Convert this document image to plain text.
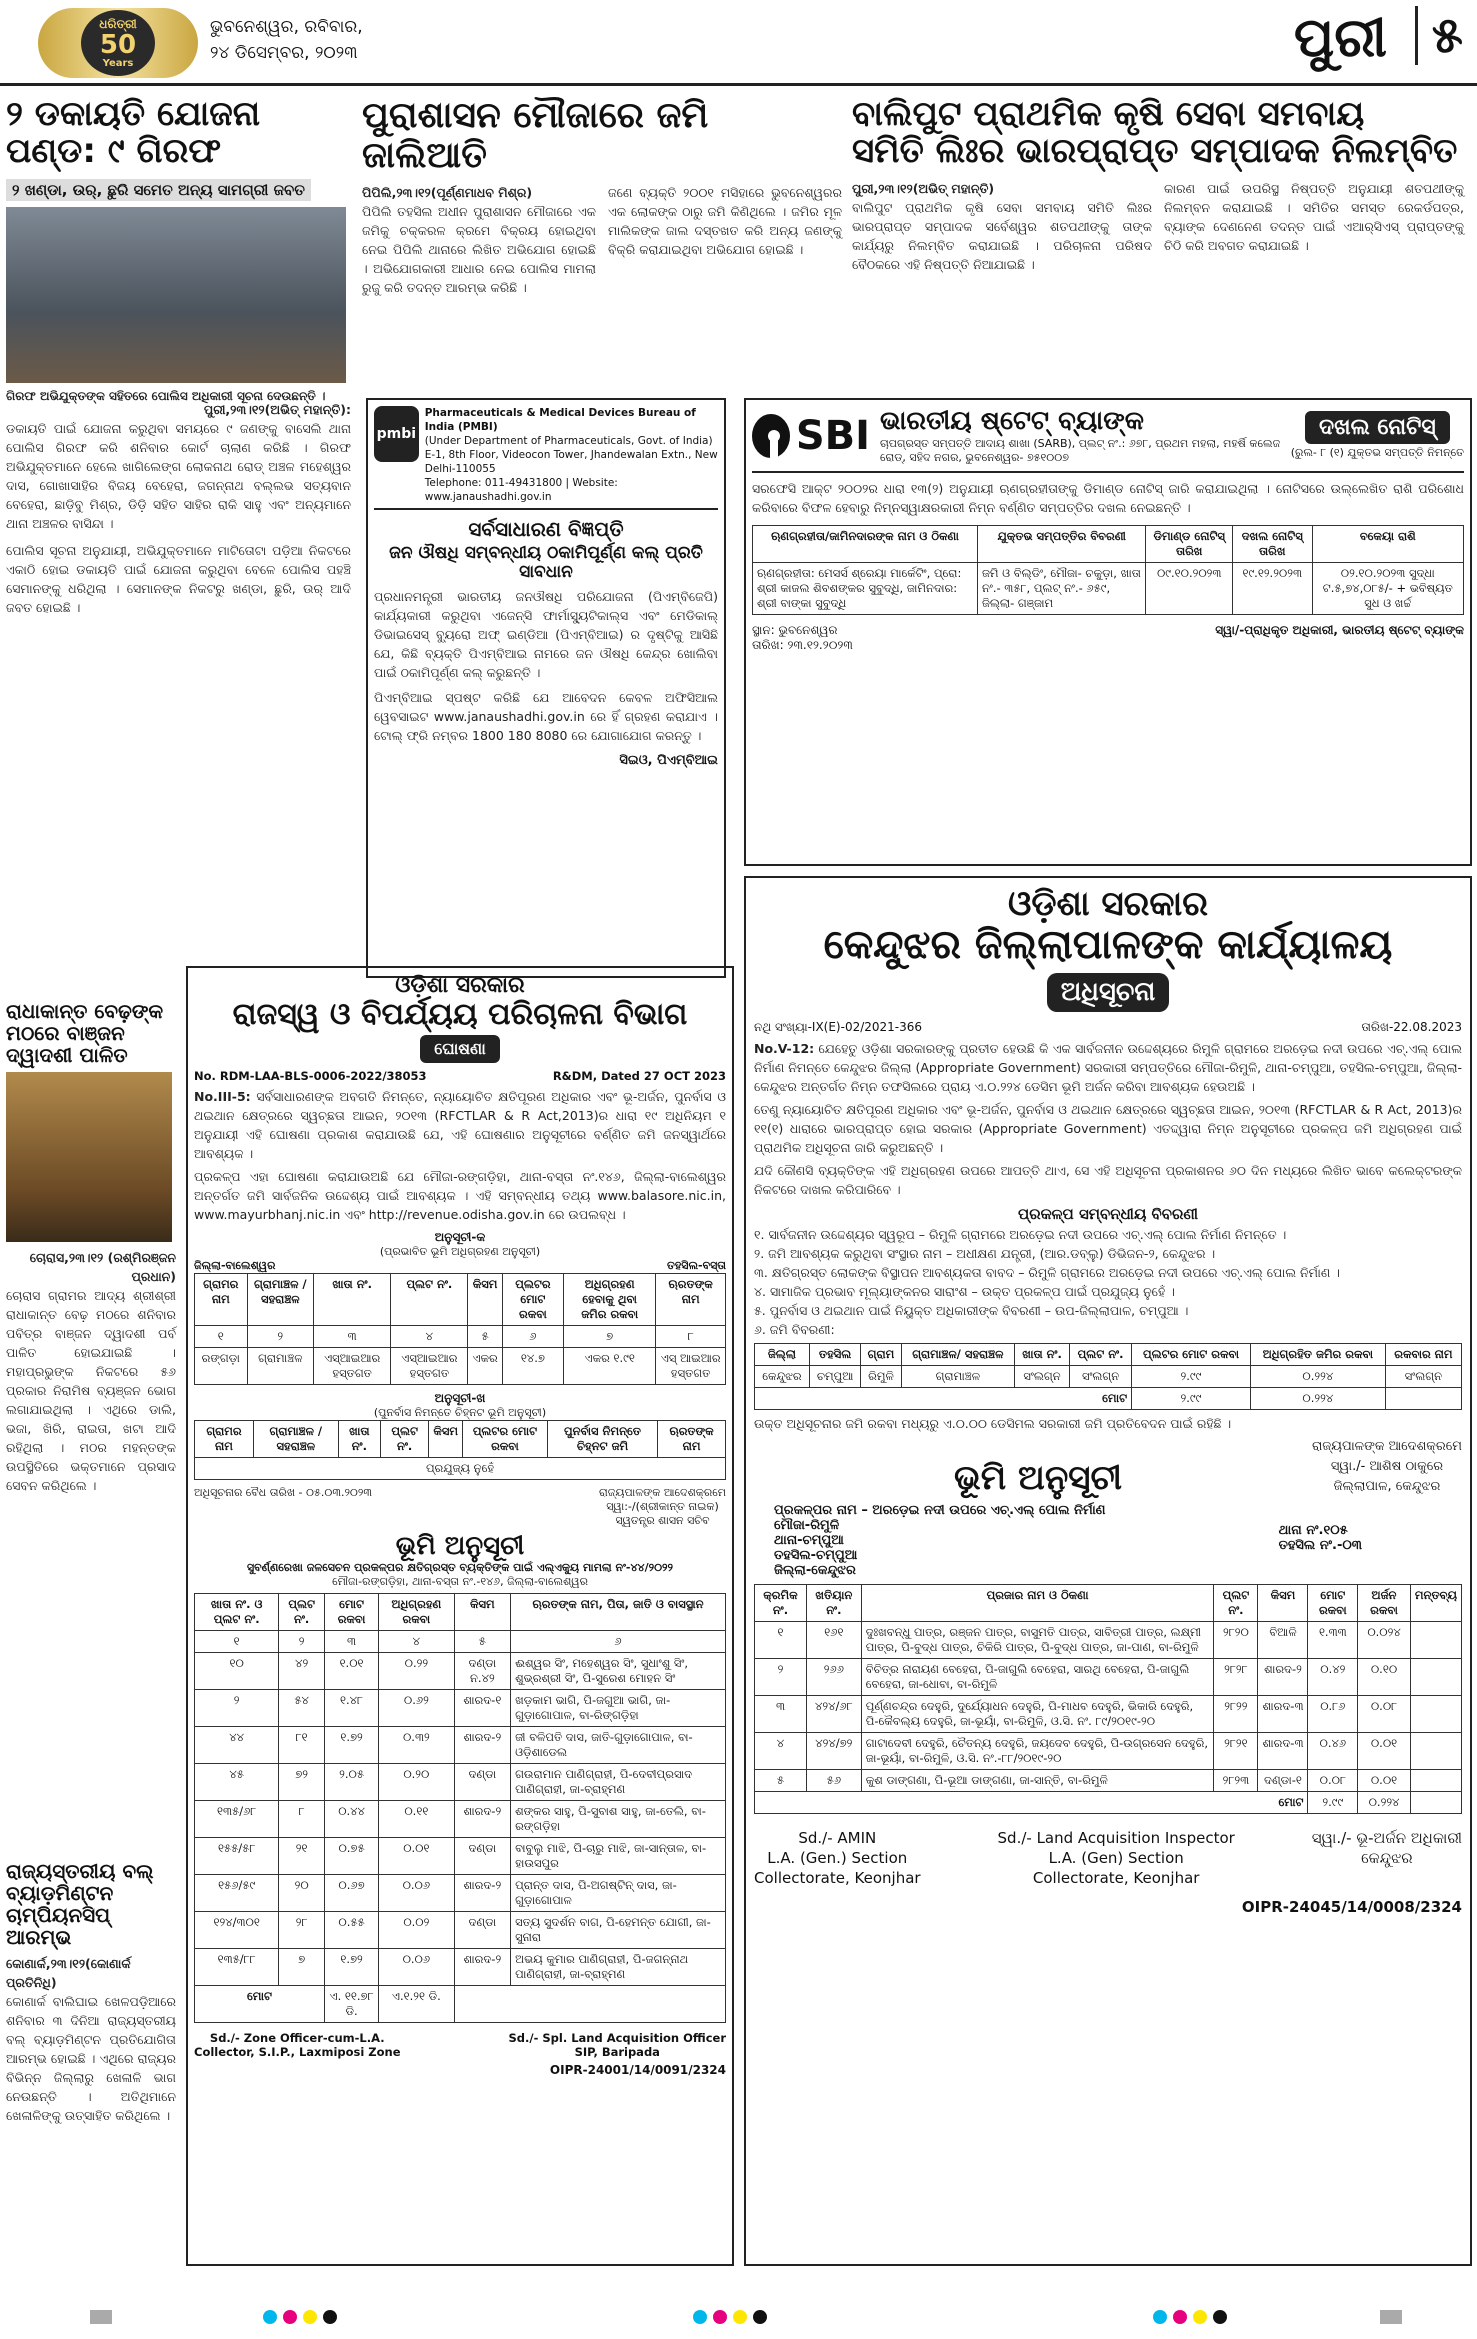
ଧରିତ୍ରୀ
50
Years
ଭୁବନେଶ୍ୱର, ରବିବାର,
୨୪ ଡିସେମ୍ବର, ୨୦୨୩	ପୁରୀ ୫
୨ ଡକାୟତି ଯୋଜନା ପଣ୍ଡ: ୯ ଗିରଫ
୨ ଖଣ୍ଡା, ଉର୍, ଛୁରି ସମେତ ଅନ୍ୟ ସାମଗ୍ରୀ ଜବତ
ଗିରଫ ଅଭିଯୁକ୍ତଙ୍କ ସହିତରେ ପୋଲିସ ଅଧିକାରୀ ସୂଚନା ଦେଉଛନ୍ତି ।
ପୁରୀ,୨୩।୧୨(ଅଭିତ୍ ମହାନ୍ତି):

ଡକାୟତି ପାଇଁ ଯୋଜନା କରୁଥିବା ସମୟରେ ୯ ଜଣଙ୍କୁ ବାସେଲି ଥାନା ପୋଲିସ ଗିରଫ କରି ଶନିବାର କୋର୍ଟ ଚାଲାଣ କରିଛି । ଗିରଫ ଅଭିଯୁକ୍ତମାନେ ହେଲେ ଖାଗିଲେଙ୍ଗ ଲୋକନାଥ ରୋଡ୍ ଅଞ୍ଚଳ ମହେଶ୍ୱର ଦାସ, ଗୋଖାସାହିର ବିଜୟ ବେହେରା, ଜଗନ୍ନାଥ ବଲ୍ଲଭ ସତ୍ୟବାନ ବେହେରା, ଛାଡ଼ିବୁ ମିଶ୍ର, ଡିଡ଼ି ସହିତ ସାହିର ରାକି ସାହୁ ଏବଂ ଅନ୍ୟମାନେ ଥାନା ଅଞ୍ଚଳର ବାସିନ୍ଦା ।

ପୋଲିସ ସୂଚନା ଅନୁଯାୟୀ, ଅଭିଯୁକ୍ତମାନେ ମାଟିତୋଟା ପଡ଼ିଆ ନିକଟରେ ଏକାଠି ହୋଇ ଡକାୟତି ପାଇଁ ଯୋଜନା କରୁଥିବା ବେଳେ ପୋଲିସ ପହଞ୍ଚି ସେମାନଙ୍କୁ ଧରିଥିଲା । ସେମାନଙ୍କ ନିକଟରୁ ଖଣ୍ଡା, ଛୁରି, ଉର୍ ଆଦି ଜବତ ହୋଇଛି ।

ପୁରାଶାସନ ମୌଜାରେ ଜମି ଜାଲିଆତି
ପିପିଲି,୨୩।୧୨(ପୂର୍ଣ୍ଣମାଧବ ମିଶ୍ର)

ପିପିଲି ତହସିଲ ଅଧୀନ ପୁରାଶାସନ ମୌଜାରେ ଏକ ଜମିକୁ ଚକ୍କରଳ କ୍ରମେ ବିକ୍ରୟ ହୋଇଥିବା ନେଇ ପିପିଲି ଥାନାରେ ଲିଖିତ ଅଭିଯୋଗ ହୋଇଛି । ଅଭିଯୋଗକାରୀ ଆଧାର ନେଇ ପୋଲିସ ମାମଲା ରୁଜୁ କରି ତଦନ୍ତ ଆରମ୍ଭ କରିଛି ।

ଜଣେ ବ୍ୟକ୍ତି ୨୦୦୧ ମସିହାରେ ଭୁବନେଶ୍ୱରର ଏକ ଲୋକଙ୍କ ଠାରୁ ଜମି କିଣିଥିଲେ । ଜମିର ମୂଳ ମାଲିକଙ୍କ ଜାଲ ଦସ୍ତଖତ କରି ଅନ୍ୟ ଜଣଙ୍କୁ ବିକ୍ରି କରାଯାଇଥିବା ଅଭିଯୋଗ ହୋଇଛି ।

ବାଲିପୁଟ ପ୍ରାଥମିକ କୃଷି ସେବା ସମବାୟ
ସମିତି ଲିଃର ଭାରପ୍ରାପ୍ତ ସମ୍ପାଦକ ନିଲମ୍ବିତ
ପୁରୀ,୨୩।୧୨(ଅଭିତ୍ ମହାନ୍ତି)

ବାଲିପୁଟ ପ୍ରାଥମିକ କୃଷି ସେବା ସମବାୟ ସମିତି ଲିଃର ଭାରପ୍ରାପ୍ତ ସମ୍ପାଦକ ସର୍ବେଶ୍ୱର ଶତପଥୀଙ୍କୁ ତାଙ୍କ କାର୍ଯ୍ୟରୁ ନିଲମ୍ବିତ କରାଯାଇଛି । ପରିଚାଳନା ପରିଷଦ ବୈଠକରେ ଏହି ନିଷ୍ପତ୍ତି ନିଆଯାଇଛି ।

କାରଣ ପାଇଁ ଉପରିସ୍ଥ ନିଷ୍ପତ୍ତି ଅନୁଯାୟୀ ଶତପଥୀଙ୍କୁ ନିଲମ୍ବନ କରାଯାଇଛି । ସମିତିର ସମସ୍ତ ରେକର୍ଡପତ୍ର, ବ୍ୟାଙ୍କ ଦେଣନେଣ ତଦନ୍ତ ପାଇଁ ଏଆର୍‌ସିଏସ୍ ପ୍ରାପ୍ତଙ୍କୁ ଚିଠି କରି ଅବଗତ କରାଯାଇଛି ।

pmbi
Pharmaceuticals & Medical Devices Bureau of India (PMBI)
(Under Department of Pharmaceuticals, Govt. of India)
E-1, 8th Floor, Videocon Tower, Jhandewalan Extn., New Delhi-110055
Telephone: 011-49431800 | Website: www.janaushadhi.gov.in
ସର୍ବସାଧାରଣ ବିଜ୍ଞପ୍ତି
ଜନ ଔଷଧି ସମ୍ବନ୍ଧୀୟ ଠକାମିପୂର୍ଣ୍ଣ କଲ୍ ପ୍ରତି ସାବଧାନ

ପ୍ରଧାନମନ୍ତ୍ରୀ ଭାରତୀୟ ଜନଔଷଧି ପରିଯୋଜନା (ପିଏମ୍‌ବିଜେପି) କାର୍ଯ୍ୟକାରୀ କରୁଥିବା ଏଜେନ୍ସି ଫାର୍ମାସ୍ୟୁଟିକାଲ୍ସ ଏବଂ ମେଡିକାଲ୍ ଡିଭାଇସେସ୍ ବ୍ୟୁରୋ ଅଫ୍ ଇଣ୍ଡିଆ (ପିଏମ୍‌ବିଆଇ) ର ଦୃଷ୍ଟିକୁ ଆସିଛି ଯେ, କିଛି ବ୍ୟକ୍ତି ପିଏମ୍‌ବିଆଇ ନାମରେ ଜନ ଔଷଧି କେନ୍ଦ୍ର ଖୋଲିବା ପାଇଁ ଠକାମିପୂର୍ଣ୍ଣ କଲ୍ କରୁଛନ୍ତି ।

ପିଏମ୍‌ବିଆଇ ସ୍ପଷ୍ଟ କରିଛି ଯେ ଆବେଦନ କେବଳ ଅଫିସିଆଲ ୱେବସାଇଟ www.janaushadhi.gov.in ରେ ହିଁ ଗ୍ରହଣ କରାଯାଏ । ଟୋଲ୍ ଫ୍ରି ନମ୍ବର 1800 180 8080 ରେ ଯୋଗାଯୋଗ କରନ୍ତୁ ।

ସିଇଓ, ପିଏମ୍‌ବିଆଇ
SBI ଭାରତୀୟ ଷ୍ଟେଟ୍ ବ୍ୟାଙ୍କ
ଚାପଗ୍ରସ୍ତ ସମ୍ପତ୍ତି ଆଦାୟ ଶାଖା (SARB), ପ୍ଲଟ୍ ନଂ.: ୬୭୮, ପ୍ରଥମ ମହଲା, ମହର୍ଷି କଲେଜ ରୋଡ୍, ସହିଦ ନଗର, ଭୁବନେଶ୍ୱର- ୭୫୧୦୦୭
ଦଖଲ ନୋଟିସ୍
(ରୁଲ- ୮ (୧) ଯୁକ୍ତଭ ସମ୍ପତ୍ତି ନିମନ୍ତେ

ସରଫେସି ଆକ୍ଟ ୨୦୦୨ର ଧାରା ୧୩(୨) ଅନୁଯାୟୀ ଋଣଗ୍ରହୀତାଙ୍କୁ ଡିମାଣ୍ଡ ନୋଟିସ୍ ଜାରି କରାଯାଇଥିଲା । ନୋଟିସରେ ଉଲ୍ଲେଖିତ ରାଶି ପରିଶୋଧ କରିବାରେ ବିଫଳ ହେବାରୁ ନିମ୍ନସ୍ୱାକ୍ଷରକାରୀ ନିମ୍ନ ବର୍ଣ୍ଣିତ ସମ୍ପତ୍ତିର ଦଖଲ ନେଇଛନ୍ତି ।

ଋଣଗ୍ରହୀତା/ଜାମିନଦାରଙ୍କ ନାମ ଓ ଠିକଣା	ଯୁକ୍ତଭ ସମ୍ପତ୍ତିର ବିବରଣୀ	ଡିମାଣ୍ଡ ନୋଟିସ୍ ତାରିଖ	ଦଖଲ ନୋଟିସ୍ ତାରିଖ	ବକେୟା ରାଶି
ଋଣଗ୍ରହୀତା: ମେସର୍ସ ଶ୍ରେୟା ମାର୍କେଟିଂ, ପ୍ରୋ: ଶ୍ରୀ କାଜଲ ଶିବଶଙ୍କର ସୁବୁଦ୍ଧି, ଜାମିନଦାର: ଶ୍ରୀ ବାଙ୍କା ସୁବୁଦ୍ଧି	ଜମି ଓ ବିଲ୍ଡିଂ, ମୌଜା- ଚକୁଡ଼ା, ଖାତା ନଂ.- ୩୫୮, ପ୍ଲଟ୍ ନଂ.- ୬୫୯, ଜିଲ୍ଲା- ଗଞ୍ଜାମ	୦୯.୧୦.୨୦୨୩	୧୯.୧୨.୨୦୨୩	୦୨.୧୦.୨୦୨୩ ସୁଦ୍ଧା ଟ.୫,୭୪,୦୮୫/- + ଭବିଷ୍ୟତ ସୁଧ ଓ ଖର୍ଚ୍ଚ
ସ୍ଥାନ: ଭୁବନେଶ୍ୱର
ତାରିଖ: ୨୩.୧୨.୨୦୨୩
ସ୍ୱା/-ପ୍ରାଧିକୃତ ଅଧିକାରୀ, ଭାରତୀୟ ଷ୍ଟେଟ୍ ବ୍ୟାଙ୍କ
ରାଧାକାନ୍ତ ବେଢ଼ଙ୍କ ମଠରେ ବାଞ୍ଜନ ଦ୍ୱାଦଶୀ ପାଳିତ
ଚୋରାସ,୨୩।୧୨ (ରଶ୍ମିରଞ୍ଜନ ପ୍ରଧାନ)

ଚୋରାସ ଗ୍ରାମର ଆଦ୍ୟ ଶ୍ରୀଶ୍ରୀ ରାଧାକାନ୍ତ ବେଢ଼ ମଠରେ ଶନିବାର ପବିତ୍ର ବାଞ୍ଜନ ଦ୍ୱାଦଶୀ ପର୍ବ ପାଳିତ ହୋଇଯାଇଛି । ମହାପ୍ରଭୁଙ୍କ ନିକଟରେ ୫୬ ପ୍ରକାର ନିରାମିଷ ବ୍ୟଞ୍ଜନ ଭୋଗ ଲଗାଯାଇଥିଲା । ଏଥିରେ ଡାଲି, ଭଜା, ଖିରି, ରାଇତା, ଖଟା ଆଦି ରହିଥିଲା । ମଠର ମହନ୍ତଙ୍କ ଉପସ୍ଥିତିରେ ଭକ୍ତମାନେ ପ୍ରସାଦ ସେବନ କରିଥିଲେ ।

ରାଜ୍ୟସ୍ତରୀୟ ବଲ୍ ବ୍ୟାଡ଼ମିଣ୍ଟନ ଚାମ୍ପିୟନସିପ୍ ଆରମ୍ଭ
କୋଣାର୍କ,୨୩।୧୨(କୋଣାର୍କ ପ୍ରତିନିଧି)

କୋଣାର୍କ ବାଲିଘାଇ ଖେଳପଡ଼ିଆରେ ଶନିବାର ୩ ଦିନିଆ ରାଜ୍ୟସ୍ତରୀୟ ବଲ୍ ବ୍ୟାଡ଼ମିଣ୍ଟନ ପ୍ରତିଯୋଗିତା ଆରମ୍ଭ ହୋଇଛି । ଏଥିରେ ରାଜ୍ୟର ବିଭିନ୍ନ ଜିଲ୍ଲାରୁ ଖେଳାଳି ଭାଗ ନେଉଛନ୍ତି । ଅତିଥିମାନେ ଖେଳାଳିଙ୍କୁ ଉତ୍ସାହିତ କରିଥିଲେ ।

ଓଡ଼ିଶା ସରକାର
ରାଜସ୍ୱ ଓ ବିପର୍ଯ୍ୟୟ ପରିଚାଳନା ବିଭାଗ
ଘୋଷଣା
No. RDM-LAA-BLS-0006-2022/38053	R&DM, Dated 27 OCT 2023

No.III-5: ସର୍ବସାଧାରଣଙ୍କ ଅବଗତି ନିମନ୍ତେ, ନ୍ୟାୟୋଚିତ କ୍ଷତିପୂରଣ ଅଧିକାର ଏବଂ ଭୂ-ଅର୍ଜନ, ପୁନର୍ବାସ ଓ ଥଇଥାନ କ୍ଷେତ୍ରରେ ସ୍ୱଚ୍ଛତା ଆଇନ, ୨୦୧୩ (RFCTLAR & R Act,2013)ର ଧାରା ୧୯ ଅଧିନିୟମ ୧ ଅନୁଯାୟୀ ଏହି ଘୋଷଣା ପ୍ରକାଶ କରାଯାଉଛି ଯେ, ଏହି ଘୋଷଣାର ଅନୁସୂଚୀରେ ବର୍ଣ୍ଣିତ ଜମି ଜନସ୍ୱାର୍ଥରେ ଆବଶ୍ୟକ ।

ପ୍ରକଳ୍ପ ଏହା ଘୋଷଣା କରାଯାଉଅଛି ଯେ ମୌଜା-ରଙ୍ଗଡ଼ିହା, ଥାନା-ବସ୍ତା ନଂ.୧୪୬, ଜିଲ୍ଲା-ବାଲେଶ୍ୱର ଅନ୍ତର୍ଗତ ଜମି ସାର୍ବଜନିକ ଉଦ୍ଦେଶ୍ୟ ପାଇଁ ଆବଶ୍ୟକ । ଏହି ସମ୍ବନ୍ଧୀୟ ତଥ୍ୟ www.balasore.nic.in, www.mayurbhanj.nic.in ଏବଂ http://revenue.odisha.gov.in ରେ ଉପଲବ୍ଧ ।

ଅନୁସୂଚୀ-କ
(ପ୍ରଭାବିତ ଭୂମି ଅଧିଗ୍ରହଣ ଅନୁସୂଚୀ)
ଜିଲ୍ଲା-ବାଲେଶ୍ୱର	ତହସିଲ-ବସ୍ତା
ଗ୍ରାମର ନାମ	ଗ୍ରାମାଞ୍ଚଳ /ସହରାଞ୍ଚଳ	ଖାତା ନଂ.	ପ୍ଲଟ ନଂ.	କିସମ	ପ୍ଲଟର ମୋଟ ରକବା	ଅଧିଗ୍ରହଣ ହେବାକୁ ଥିବା ଜମିର ରକବା	ଋରତଙ୍କ ନାମ
୧	୨	୩	୪	୫	୬	୭	୮
ରଙ୍ଗଡ଼ା	ଗ୍ରାମାଞ୍ଚଳ	ଏସ୍‌ଆଇଆର ହସ୍ତଗତ	ଏସ୍‌ଆଇଆର ହସ୍ତଗତ	ଏକର	୧୪.୭	ଏକର ୧.୯୧	ଏସ୍ ଆଇଆର ହସ୍ତଗତ
ଅନୁସୂଚୀ-ଖ
(ପୁନର୍ବାସ ନିମନ୍ତେ ଚିହ୍ନଟ ଭୂମି ଅନୁସୂଚୀ)
ଗ୍ରାମର ନାମ	ଗ୍ରାମାଞ୍ଚଳ /ସହରାଞ୍ଚଳ	ଖାତା ନଂ.	ପ୍ଲଟ ନଂ.	କିସମ	ପ୍ଲଟର ମୋଟ ରକବା	ପୁନର୍ବାସ ନିମନ୍ତେ ଚିହ୍ନଟ ଜମି	ଋରତଙ୍କ ନାମ
ପ୍ରଯୁଜ୍ୟ ନୁହେଁ
ଅଧିସୂଚନାର ବୈଧ ତାରିଖ - ୦୫.୦୩.୨୦୨୩	ରାଜ୍ୟପାଳଙ୍କ ଆଦେଶକ୍ରମେ
ସ୍ୱା:-/(ଶ୍ରୀକାନ୍ତ ନାଇକ)
ସ୍ୱତନ୍ତ୍ର ଶାସନ ସଚିବ
ଭୂମି ଅନୁସୂଚୀ
ସୁବର୍ଣ୍ଣରେଖା ଜଳସେଚନ ପ୍ରକଳ୍ପର କ୍ଷତିଗ୍ରସ୍ତ ବ୍ୟକ୍ତିଙ୍କ ପାଇଁ ଏଲ୍ଏକ୍ୟୁ ମାମଲା ନଂ-୪୪/୨୦୨୨
ମୌଜା-ରଙ୍ଗଡ଼ିହା, ଥାନା-ବସ୍ତା ନଂ.-୧୪୬, ଜିଲ୍ଲା-ବାଲେଶ୍ୱର
ଖାତା ନଂ. ଓ ପ୍ଲଟ ନଂ.	ପ୍ଲଟ ନଂ.	ମୋଟ ରକବା	ଅଧିଗ୍ରହଣ ରକବା	କିସମ	ଋରତଙ୍କ ନାମ, ପିତା, ଜାତି ଓ ବାସସ୍ଥାନ
୧	୨	୩	୪	୫	୬
୧୦	୪୨	୧.୦୧	୦.୨୨	ଦଣ୍ଡା ନ.୪୨	ଈଶ୍ୱର ସିଂ, ମହେଶ୍ୱର ସିଂ, ସୁଧାଂଶୁ ସିଂ, ଶୁଭ୍ରଶ୍ରୀ ସିଂ, ପି-ସୁରେଶ ମୋହନ ସିଂ
୨	୫୪	୧.୪୮	୦.୬୨	ଶାରଦ-୧	ଖଡ଼କାମ ଭାଗି, ପି-ଜଗୁଆ ଭାଗି, ଜା-ଗୁଡ଼ାଗୋପାଳ, ବା-ରିଙ୍ଗଡ଼ିହା
୪୪	୮୧	୧.୭୨	୦.୩୨	ଶାରଦ-୨	ଜୀ ବଳିପତି ଦାସ, ଜାତି-ଗୁଡ଼ାଗୋପାଳ, ବା-ଓଡ଼ିଶାଡେଲ
୪୫	୭୨	୨.୦୫	୦.୨୦	ଦଣ୍ଡା	ଗଉରାମାନ ପାଣିଗ୍ରାହୀ, ପି-ଦେବୀପ୍ରସାଦ ପାଣିଗ୍ରାହୀ, ଜା-ବ୍ରାହ୍ମଣ
୧୩୫/୬୮	୮	୦.୪୪	୦.୧୧	ଶାରଦ-୨	ଶଙ୍କର ସାହୁ, ପି-ସୁବାଶ ସାହୁ, ଜା-ତେଲି, ବା-ରଙ୍ଗଡ଼ିହା
୧୫୫/୫୮	୨୧	୦.୭୫	୦.୦୧	ଦଣ୍ଡା	ବାବୁଲୁ ମାଝି, ପି-ଚାରୁ ମାଝି, ଜା-ସାନ୍ତାଳ, ବା-ହାଉସପୁର
୧୫୬/୫୯	୨୦	୦.୬୭	୦.୦୬	ଶାରଦ-୨	ପ୍ରାନ୍ତ ଦାସ, ପି-ଅଗଷ୍ଟିନ୍ ଦାସ, ଜା-ଗୁଡ଼ାଗୋପାଳ
୧୨୪/୩୦୧	୨୮	୦.୫୫	୦.୦୨	ଦଣ୍ଡା	ସତ୍ୟ ସୁଦର୍ଶନ ବାଗ, ପି-ହେମନ୍ତ ଯୋଗୀ, ଜା-ସୁନାରା
୧୩୫/୮୮	୭	୧.୭୨	୦.୦୬	ଶାରଦ-୨	ଅଭୟ କୁମାର ପାଣିଗ୍ରାହୀ, ପି-ଜଗନ୍ନାଥ ପାଣିଗ୍ରାହୀ, ଜା-ବ୍ରାହ୍ମଣ
ମୋଟ		ଏ. ୧୧.୭୮ ଡି.	ଏ.୧.୨୧ ଡି.		
Sd./- Zone Officer-cum-L.A.
Collector, S.I.P., Laxmiposi Zone
Sd./- Spl. Land Acquisition Officer
SIP, Baripada
OIPR-24001/14/0091/2324
ଓଡ଼ିଶା ସରକାର
କେନ୍ଦୁଝର ଜିଲ୍ଲାପାଳଙ୍କ କାର୍ଯ୍ୟାଳୟ
ଅଧିସୂଚନା
ନଥି ସଂଖ୍ୟା-IX(E)-02/2021-366	ତାରିଖ-22.08.2023

No.V-12: ଯେହେତୁ ଓଡ଼ିଶା ସରକାରଙ୍କୁ ପ୍ରତୀତ ହେଉଛି କି ଏକ ସାର୍ବଜନୀନ ଉଦ୍ଦେଶ୍ୟରେ ରିମୁଳି ଗ୍ରାମରେ ଅରଡ଼େଇ ନଦୀ ଉପରେ ଏଚ୍.ଏଲ୍ ପୋଲ ନିର୍ମାଣ ନିମନ୍ତେ କେନ୍ଦୁଝର ଜିଲ୍ଲା (Appropriate Government) ସରକାରୀ ସମ୍ପତ୍ତିରେ ମୌଜା-ରିମୁଳି, ଥାନା-ଚମ୍ପୁଆ, ତହସିଲ-ଚମ୍ପୁଆ, ଜିଲ୍ଲା-କେନ୍ଦୁଝର ଅନ୍ତର୍ଗତ ନିମ୍ନ ତଫସିଲରେ ପ୍ରାୟ ଏ.୦.୨୨୪ ଡେସିମ ଭୂମି ଅର୍ଜନ କରିବା ଆବଶ୍ୟକ ହେଉଅଛି ।

ତେଣୁ ନ୍ୟାୟୋଚିତ କ୍ଷତିପୂରଣ ଅଧିକାର ଏବଂ ଭୂ-ଅର୍ଜନ, ପୁନର୍ବାସ ଓ ଥଇଥାନ କ୍ଷେତ୍ରରେ ସ୍ୱଚ୍ଛତା ଆଇନ, ୨୦୧୩ (RFCTLAR & R Act, 2013)ର ୧୧(୧) ଧାରାରେ ଭାରପ୍ରାପ୍ତ ହୋଇ ସରକାର (Appropriate Government) ଏତଦ୍ଦ୍ୱାରା ନିମ୍ନ ଅନୁସୂଚୀରେ ପ୍ରକଳ୍ପ ଜମି ଅଧିଗ୍ରହଣ ପାଇଁ ପ୍ରାଥମିକ ଅଧିସୂଚନା ଜାରି କରୁଅଛନ୍ତି ।

ଯଦି କୌଣସି ବ୍ୟକ୍ତିଙ୍କ ଏହି ଅଧିଗ୍ରହଣ ଉପରେ ଆପତ୍ତି ଥାଏ, ସେ ଏହି ଅଧିସୂଚନା ପ୍ରକାଶନର ୬୦ ଦିନ ମଧ୍ୟରେ ଲିଖିତ ଭାବେ କଲେକ୍ଟରଙ୍କ ନିକଟରେ ଦାଖଲ କରିପାରିବେ ।

ପ୍ରକଳ୍ପ ସମ୍ବନ୍ଧୀୟ ବିବରଣୀ
୧. ସାର୍ବଜନୀନ ଉଦ୍ଦେଶ୍ୟର ସ୍ୱରୂପ – ରିମୁଳି ଗ୍ରାମରେ ଅରଡ଼େଇ ନଦୀ ଉପରେ ଏଚ୍.ଏଲ୍ ପୋଲ ନିର୍ମାଣ ନିମନ୍ତେ ।
୨. ଜମି ଆବଶ୍ୟକ କରୁଥିବା ସଂସ୍ଥାର ନାମ – ଅଧୀକ୍ଷଣ ଯନ୍ତ୍ରୀ, (ଆର.ଡବ୍ଲୁ) ଡିଭିଜନ-୨, କେନ୍ଦୁଝର ।
୩. କ୍ଷତିଗ୍ରସ୍ତ ଲୋକଙ୍କ ବିସ୍ଥାପନ ଆବଶ୍ୟକତା ବାବଦ – ରିମୁଳି ଗ୍ରାମରେ ଅରଡ଼େଇ ନଦୀ ଉପରେ ଏଚ୍.ଏଲ୍ ପୋଲ ନିର୍ମାଣ ।
୪. ସାମାଜିକ ପ୍ରଭାବ ମୂଲ୍ୟାଙ୍କନର ସାରାଂଶ – ଉକ୍ତ ପ୍ରକଳ୍ପ ପାଇଁ ପ୍ରଯୁଜ୍ୟ ନୁହେଁ ।
୫. ପୁନର୍ବାସ ଓ ଥଇଥାନ ପାଇଁ ନିୟୁକ୍ତ ଅଧିକାରୀଙ୍କ ବିବରଣୀ – ଉପ-ଜିଲ୍ଲାପାଳ, ଚମ୍ପୁଆ ।
୬. ଜମି ବିବରଣୀ:
ଜିଲ୍ଲା	ତହସିଲ	ଗ୍ରାମ	ଗ୍ରାମାଞ୍ଚଳ/ ସହରାଞ୍ଚଳ	ଖାତା ନଂ.	ପ୍ଲଟ ନଂ.	ପ୍ଲଟର ମୋଟ ରକବା	ଅଧିଗ୍ରହିତ ଜମିର ରକବା	ରକବାର ନାମ
କେନ୍ଦୁଝର	ଚମ୍ପୁଆ	ରିମୁଳି	ଗ୍ରାମାଞ୍ଚଳ	ସଂଲଗ୍ନ	ସଂଲଗ୍ନ	୨.୯୯	୦.୨୨୪	ସଂଲଗ୍ନ
ମୋଟ						୨.୯୯	୦.୨୨୪	

ଉକ୍ତ ଅଧିସୂଚନାର ଜମି ରକବା ମଧ୍ୟରୁ ଏ.୦.୦୦ ଡେସିମଲ ସରକାରୀ ଜମି ପ୍ରତିବେଦନ ପାଇଁ ରହିଛି ।

ଭୂମି ଅନୁସୂଚୀ
ରାଜ୍ୟପାଳଙ୍କ ଆଦେଶକ୍ରମେ
ସ୍ୱା./- ଆଶିଷ ଠାକୁରେ
ଜିଲ୍ଲାପାଳ, କେନ୍ଦୁଝର
ପ୍ରକଳ୍ପର ନାମ – ଅରଡ଼େଇ ନଦୀ ଉପରେ ଏଚ୍.ଏଲ୍ ପୋଲ ନିର୍ମାଣ
ମୌଜା-ରିମୁଳି
ଥାନା-ଚମ୍ପୁଆ
ତହସିଲ-ଚମ୍ପୁଆ
ଜିଲ୍ଲା-କେନ୍ଦୁଝର
ଥାନା ନଂ.୧୦୫
ତହସିଲ ନଂ.-୦୩
କ୍ରମିକ ନଂ.	ଖତିୟାନ ନଂ.	ପ୍ରଜାର ନାମ ଓ ଠିକଣା	ପ୍ଲଟ ନଂ.	କିସମ	ମୋଟ ରକବା	ଅର୍ଜନ ରକବା	ମନ୍ତବ୍ୟ
୧	୧୬୧	ଦୁଃଖବନ୍ଧୁ ପାତ୍ର, ରଞ୍ଜନ ପାତ୍ର, ବାସୁମତି ପାତ୍ର, ସାବିତ୍ରୀ ପାତ୍ର, ଲକ୍ଷ୍ମୀ ପାତ୍ର, ପି-ବୁଦ୍ଧ ପାତ୍ର, ଚିକିରି ପାତ୍ର, ପି-ବୁଦ୍ଧ ପାତ୍ର, ଜା-ପାଣ, ବା-ରିମୁଳି	୨୮୨୦	ବିଆଳି	୧.୩୩	୦.୦୨୪	
୨	୨୬୬	ବିଚିତ୍ର ନାରାୟଣ ବେହେରା, ପି-ଜାଗୁଲି ବେହେରା, ସାରଥି ବେହେରା, ପି-ଜାଗୁଲି ବେହେରା, ଜା-ଧୋବା, ବା-ରିମୁଳି	୨୮୨୮	ଶାରଦ-୨	୦.୪୨	୦.୧୦	
୩	୪୨୪/୬୮	ପୂର୍ଣ୍ଣଚନ୍ଦ୍ର ଦେହୁରି, ଦୁର୍ଯ୍ୟୋଧନ ଦେହୁରି, ପି-ମାଧବ ଦେହୁରି, ଭିକାରି ଦେହୁରି, ପି-କୈବଲ୍ୟ ଦେହୁରି, ଜା-ଭୂୟାଁ, ବା-ରିମୁଳି, ଓ.ସି. ନଂ. ୮୯/୨୦୧୯-୨୦	୨୮୨୨	ଶାରଦ-୩	୦.୮୬	୦.୦୮	
୪	୪୨୪/୭୨	ଗାଟାଦେବୀ ଦେହୁରି, ଚୈତନ୍ୟ ଦେହୁରି, ଜୟଦେବ ଦେହୁରି, ପି-ଉଗ୍ରସେନ ଦେହୁରି, ଜା-ଭୂୟାଁ, ବା-ରିମୁଳି, ଓ.ସି. ନଂ.-୮୮/୨୦୧୯-୨୦	୨୮୨୧	ଶାରଦ-୩	୦.୪୬	୦.୦୧	
୫	୫୬	କୁଶ ଡାଙ୍ଗଣା, ପି-ଭୂଆ ଡାଙ୍ଗଣା, ଜା-ସାନ୍ତି, ବା-ରିମୁଳି	୨୮୨୩	ଦଣ୍ଡା-୧	୦.୦୮	୦.୦୧	
ମୋଟ					୨.୯୯	୦.୨୨୪	
Sd./- AMIN
L.A. (Gen.) Section
Collectorate, Keonjhar
Sd./- Land Acquisition Inspector
L.A. (Gen) Section
Collectorate, Keonjhar
ସ୍ୱା./- ଭୂ-ଅର୍ଜନ ଅଧିକାରୀ
କେନ୍ଦୁଝର
OIPR-24045/14/0008/2324
